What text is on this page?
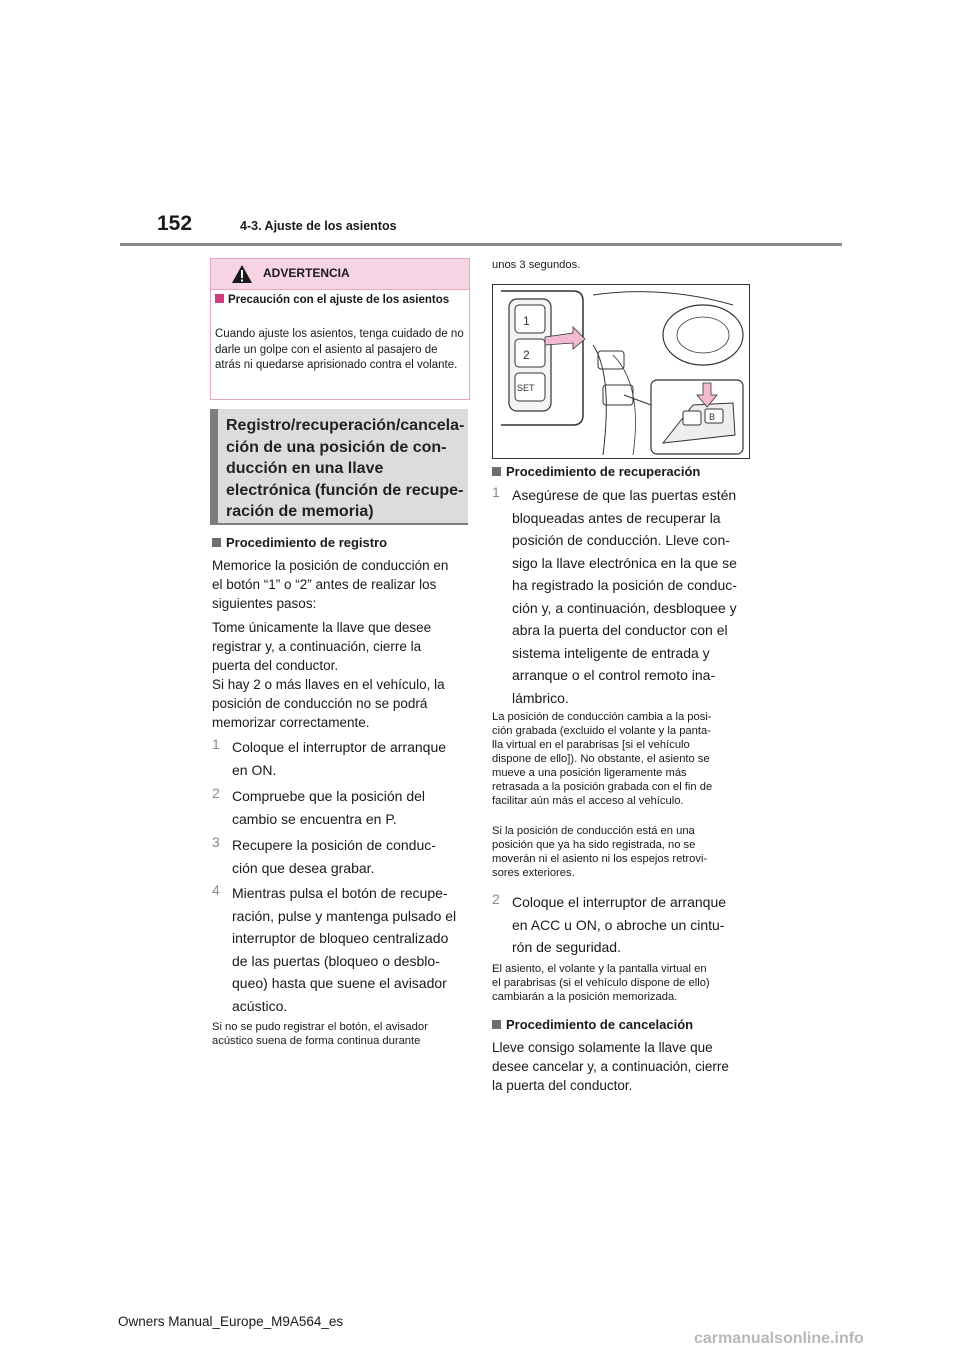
152	4-3. Ajuste de los asientos
ADVERTENCIA
Precaución con el ajuste de los asientos
Cuando ajuste los asientos, tenga cuidado de no darle un golpe con el asiento al pasajero de atrás ni quedarse aprisionado contra el volante.
Registro/recuperación/cancela-
ción de una posición de con-
ducción en una llave
electrónica (función de recupe-
ración de memoria)
Procedimiento de registro
Memorice la posición de conducción en
el botón “1” o “2” antes de realizar los
siguientes pasos:
Tome únicamente la llave que desee
registrar y, a continuación, cierre la
puerta del conductor.
Si hay 2 o más llaves en el vehículo, la
posición de conducción no se podrá
memorizar correctamente.
1 Coloque el interruptor de arranque
en ON.
2 Compruebe que la posición del
cambio se encuentra en P.
3 Recupere la posición de conduc-
ción que desea grabar.
4 Mientras pulsa el botón de recupe-
ración, pulse y mantenga pulsado el
interruptor de bloqueo centralizado
de las puertas (bloqueo o desblo-
queo) hasta que suene el avisador
acústico.
Si no se pudo registrar el botón, el avisador
acústico suena de forma continua durante
unos 3 segundos.
1
2
SET
B
Procedimiento de recuperación
1 Asegúrese de que las puertas estén
bloqueadas antes de recuperar la
posición de conducción. Lleve con-
sigo la llave electrónica en la que se
ha registrado la posición de conduc-
ción y, a continuación, desbloquee y
abra la puerta del conductor con el
sistema inteligente de entrada y
arranque o el control remoto ina-
lámbrico.
La posición de conducción cambia a la posi-
ción grabada (excluido el volante y la panta-
lla virtual en el parabrisas [si el vehículo
dispone de ello]). No obstante, el asiento se
mueve a una posición ligeramente más
retrasada a la posición grabada con el fin de
facilitar aún más el acceso al vehículo.
Si la posición de conducción está en una
posición que ya ha sido registrada, no se
moverán ni el asiento ni los espejos retrovi-
sores exteriores.
2 Coloque el interruptor de arranque
en ACC u ON, o abroche un cintu-
rón de seguridad.
El asiento, el volante y la pantalla virtual en
el parabrisas (si el vehículo dispone de ello)
cambiarán a la posición memorizada.
Procedimiento de cancelación
Lleve consigo solamente la llave que
desee cancelar y, a continuación, cierre
la puerta del conductor.
Owners Manual_Europe_M9A564_es
carmanualsonline.info
